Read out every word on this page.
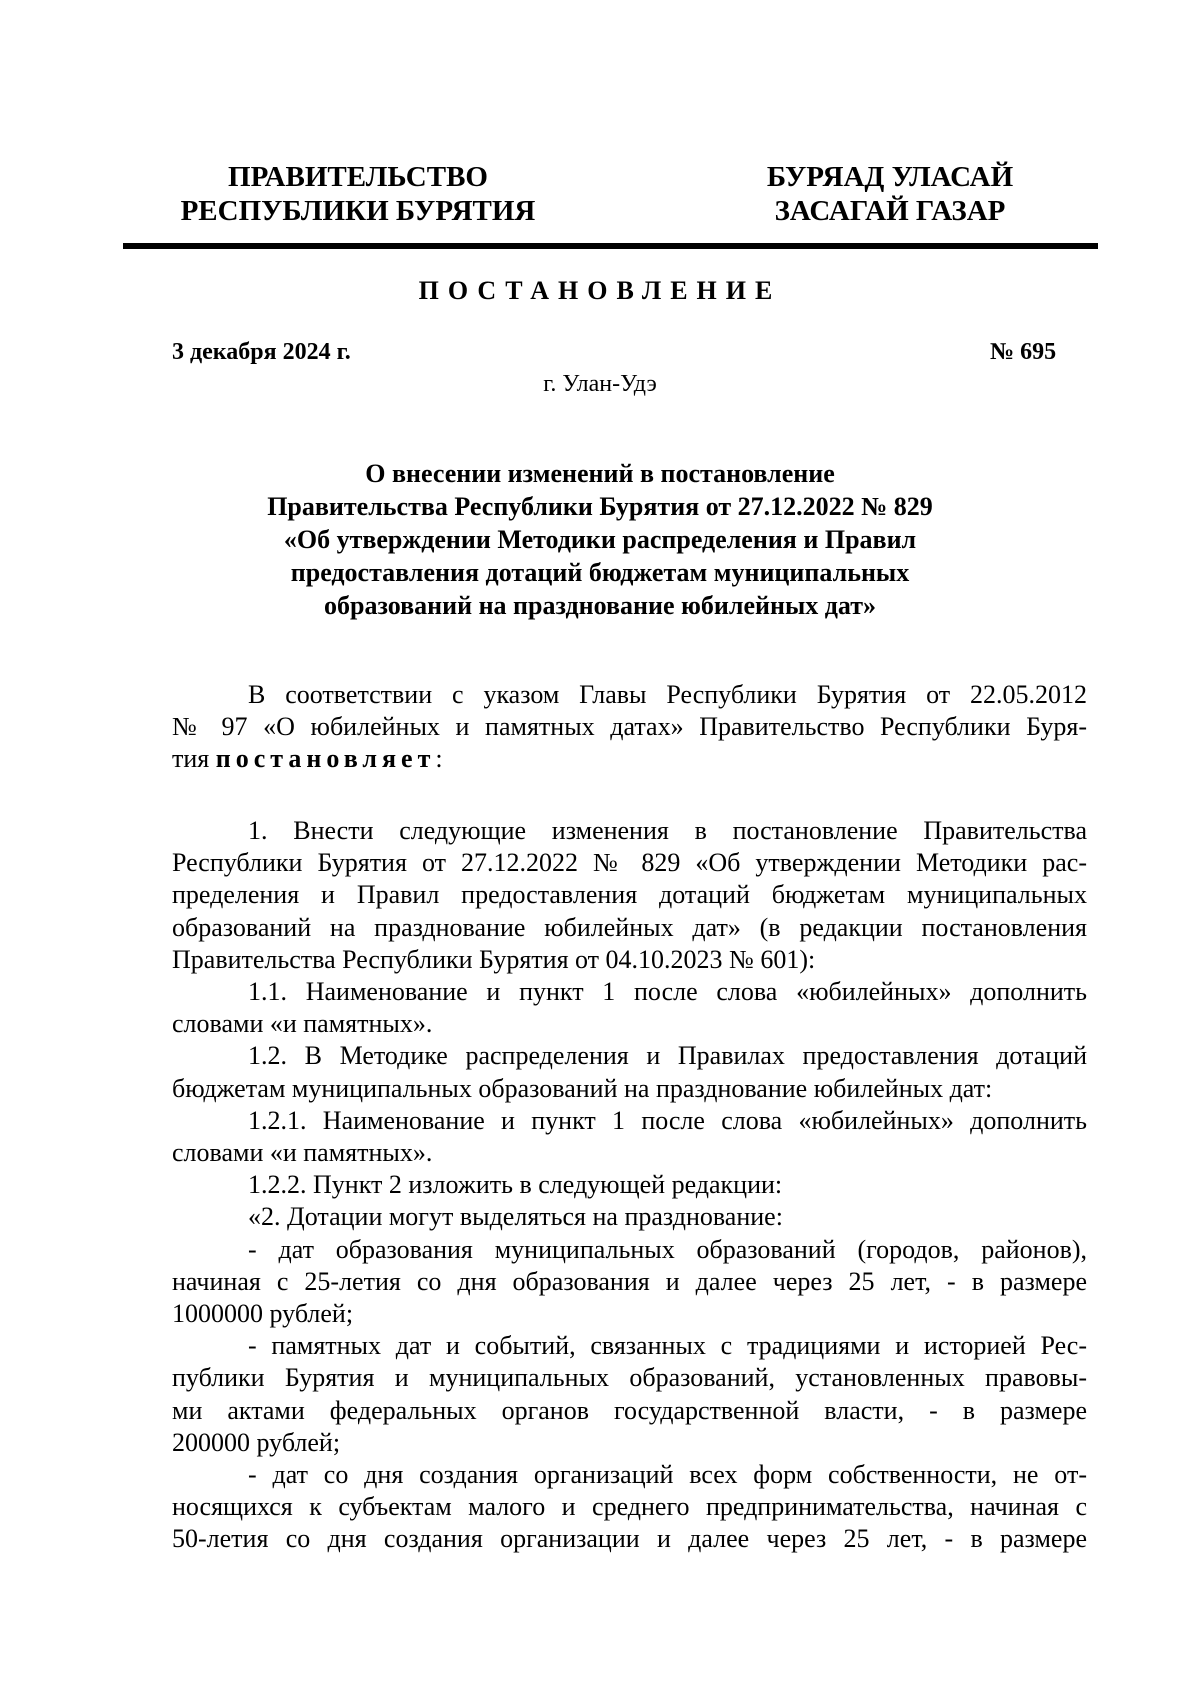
ПРАВИТЕЛЬСТВО
РЕСПУБЛИКИ БУРЯТИЯ
БУРЯАД УЛАСАЙ
ЗАСАГАЙ ГАЗАР
ПОСТАНОВЛЕНИЕ
3 декабря 2024 г.	№ 695
г. Улан-Удэ
О внесении изменений в постановление
Правительства Республики Бурятия от 27.12.2022 № 829
«Об утверждении Методики распределения и Правил
предоставления дотаций бюджетам муниципальных
образований на празднование юбилейных дат»
В соответствии с указом Главы Республики Бурятия от 22.05.2012
№ 97 «О юбилейных и памятных датах» Правительство Республики Буря-
тия постановляет:
1. Внести следующие изменения в постановление Правительства
Республики Бурятия от 27.12.2022 № 829 «Об утверждении Методики рас-
пределения и Правил предоставления дотаций бюджетам муниципальных
образований на празднование юбилейных дат» (в редакции постановления
Правительства Республики Бурятия от 04.10.2023 № 601):
1.1. Наименование и пункт 1 после слова «юбилейных» дополнить
словами «и памятных».
1.2. В Методике распределения и Правилах предоставления дотаций
бюджетам муниципальных образований на празднование юбилейных дат:
1.2.1. Наименование и пункт 1 после слова «юбилейных» дополнить
словами «и памятных».
1.2.2. Пункт 2 изложить в следующей редакции:
«2. Дотации могут выделяться на празднование:
- дат образования муниципальных образований (городов, районов),
начиная с 25-летия со дня образования и далее через 25 лет, - в размере
1000000 рублей;
- памятных дат и событий, связанных с традициями и историей Рес-
публики Бурятия и муниципальных образований, установленных правовы-
ми актами федеральных органов государственной власти, - в размере
200000 рублей;
- дат со дня создания организаций всех форм собственности, не от-
носящихся к субъектам малого и среднего предпринимательства, начиная с
50-летия со дня создания организации и далее через 25 лет, - в размере
